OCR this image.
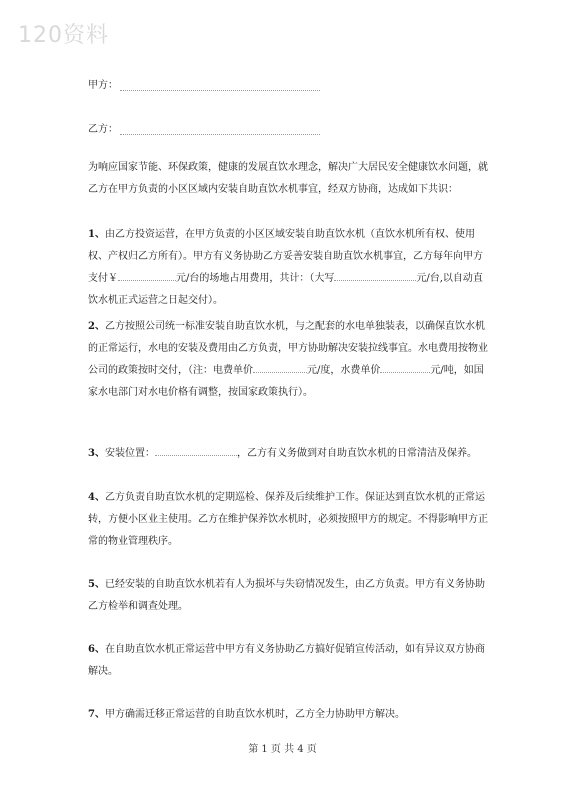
120资料
甲方：
乙方：
为响应国家节能、环保政策，健康的发展直饮水理念，解决广大居民安全健康饮水问题，就乙方在甲方负责的小区区域内安装自助直饮水机事宜，经双方协商，达成如下共识：
1、由乙方投资运营，在甲方负责的小区区域安装自助直饮水机（直饮水机所有权、使用权、产权归乙方所有）。甲方有义务协助乙方妥善安装自助直饮水机事宜，乙方每年向甲方支付￥	元/台的场地占用费用，共计：（大写	元/台,以自动直饮水机正式运营之日起交付）。
2、乙方按照公司统一标准安装自助直饮水机，与之配套的水电单独装表，以确保直饮水机的正常运行，水电的安装及费用由乙方负责，甲方协助解决安装拉线事宜。水电费用按物业公司的政策按时交付，（注：电费单价	元/度，水费单价	元/吨，如国家水电部门对水电价格有调整，按国家政策执行）。
3、安装位置：	，乙方有义务做到对自助直饮水机的日常清洁及保养。
4、乙方负责自助直饮水机的定期巡检、保养及后续维护工作。保证达到直饮水机的正常运转，方便小区业主使用。乙方在维护保养饮水机时，必须按照甲方的规定。不得影响甲方正常的物业管理秩序。
5、已经安装的自助直饮水机若有人为损坏与失窃情况发生，由乙方负责。甲方有义务协助乙方检举和调查处理。
6、在自助直饮水机正常运营中甲方有义务协助乙方搞好促销宣传活动，如有异议双方协商解决。
7、甲方确需迁移正常运营的自助直饮水机时，乙方全力协助甲方解决。
第 1 页 共 4 页
